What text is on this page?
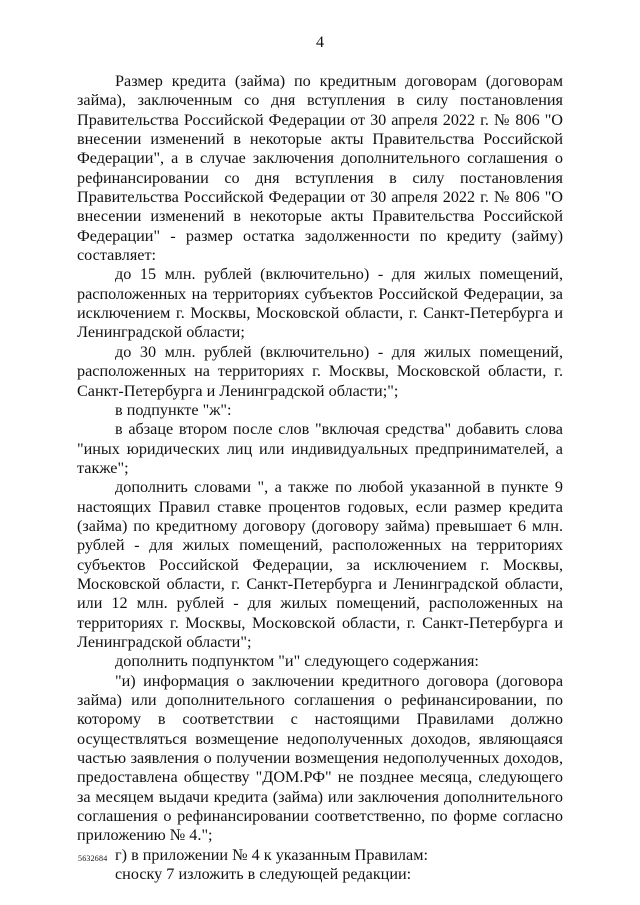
4

Размер кредита (займа) по кредитным договорам (договорам займа), заключенным со дня вступления в силу постановления Правительства Российской Федерации от 30 апреля 2022 г. № 806 "О внесении изменений в некоторые акты Правительства Российской Федерации", а в случае заключения дополнительного соглашения о рефинансировании со дня вступления в силу постановления Правительства Российской Федерации от 30 апреля 2022 г. № 806 "О внесении изменений в некоторые акты Правительства Российской Федерации" - размер остатка задолженности по кредиту (займу) составляет:

до 15 млн. рублей (включительно) - для жилых помещений, расположенных на территориях субъектов Российской Федерации, за исключением г. Москвы, Московской области, г. Санкт-Петербурга и Ленинградской области;

до 30 млн. рублей (включительно) - для жилых помещений, расположенных на территориях г. Москвы, Московской области, г. Санкт-Петербурга и Ленинградской области;";

в подпункте "ж":

в абзаце втором после слов "включая средства" добавить слова "иных юридических лиц или индивидуальных предпринимателей, а также";

дополнить словами ", а также по любой указанной в пункте 9 настоящих Правил ставке процентов годовых, если размер кредита (займа) по кредитному договору (договору займа) превышает 6 млн. рублей - для жилых помещений, расположенных на территориях субъектов Российской Федерации, за исключением г. Москвы, Московской области, г. Санкт-Петербурга и Ленинградской области, или 12 млн. рублей - для жилых помещений, расположенных на территориях г. Москвы, Московской области, г. Санкт-Петербурга и Ленинградской области";

дополнить подпунктом "и" следующего содержания:

"и) информация о заключении кредитного договора (договора займа) или дополнительного соглашения о рефинансировании, по которому в соответствии с настоящими Правилами должно осуществляться возмещение недополученных доходов, являющаяся частью заявления о получении возмещения недополученных доходов, предоставлена обществу "ДОМ.РФ" не позднее месяца, следующего за месяцем выдачи кредита (займа) или заключения дополнительного соглашения о рефинансировании соответственно, по форме согласно приложению № 4.";

г) в приложении № 4 к указанным Правилам:

сноску 7 изложить в следующей редакции:

5632684
